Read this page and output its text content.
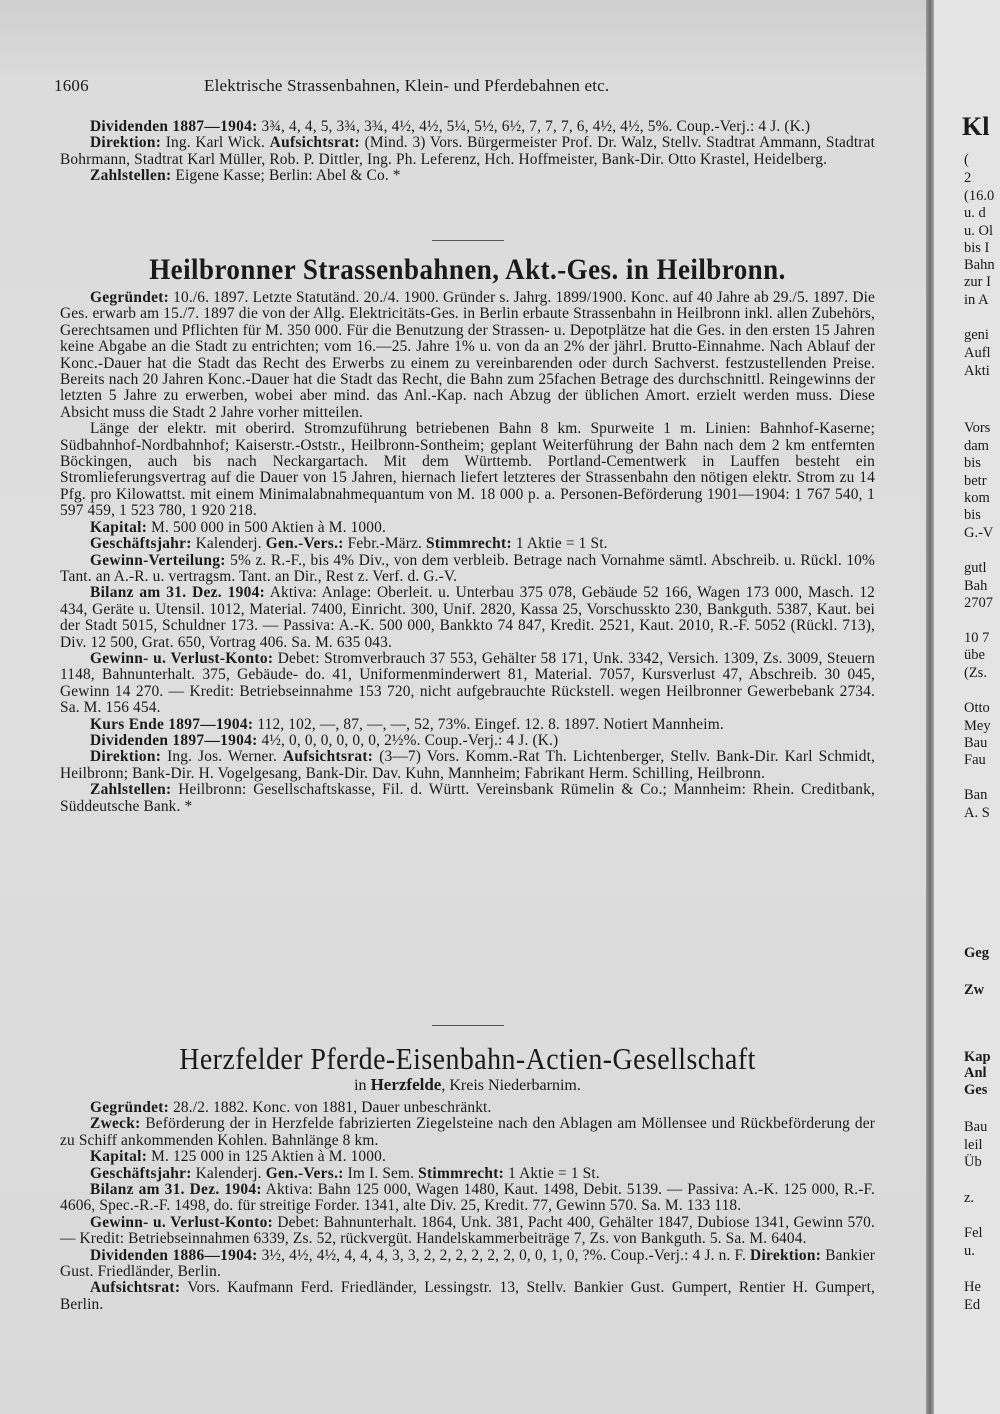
1606	Elektrische Strassenbahnen, Klein- und Pferdebahnen etc.

Dividenden 1887—1904: 3¾, 4, 4, 5, 3¾, 3¾, 4½, 4½, 5¼, 5½, 6½, 7, 7, 7, 6, 4½, 4½, 5%. Coup.-Verj.: 4 J. (K.)

Direktion: Ing. Karl Wick. Aufsichtsrat: (Mind. 3) Vors. Bürgermeister Prof. Dr. Walz, Stellv. Stadtrat Ammann, Stadtrat Bohrmann, Stadtrat Karl Müller, Rob. P. Dittler, Ing. Ph. Leferenz, Hch. Hoffmeister, Bank-Dir. Otto Krastel, Heidelberg.

Zahlstellen: Eigene Kasse; Berlin: Abel & Co. *

Heilbronner Strassenbahnen, Akt.-Ges. in Heilbronn.

Gegründet: 10./6. 1897. Letzte Statutänd. 20./4. 1900. Gründer s. Jahrg. 1899/1900. Konc. auf 40 Jahre ab 29./5. 1897. Die Ges. erwarb am 15./7. 1897 die von der Allg. Elektricitäts-Ges. in Berlin erbaute Strassenbahn in Heilbronn inkl. allen Zubehörs, Gerechtsamen und Pflichten für M. 350 000. Für die Benutzung der Strassen- u. Depotplätze hat die Ges. in den ersten 15 Jahren keine Abgabe an die Stadt zu entrichten; vom 16.—25. Jahre 1% u. von da an 2% der jährl. Brutto-Einnahme. Nach Ablauf der Konc.-Dauer hat die Stadt das Recht des Erwerbs zu einem zu vereinbarenden oder durch Sachverst. festzustellenden Preise. Bereits nach 20 Jahren Konc.-Dauer hat die Stadt das Recht, die Bahn zum 25fachen Betrage des durchschnittl. Reingewinns der letzten 5 Jahre zu erwerben, wobei aber mind. das Anl.-Kap. nach Abzug der üblichen Amort. erzielt werden muss. Diese Absicht muss die Stadt 2 Jahre vorher mitteilen.

Länge der elektr. mit oberird. Stromzuführung betriebenen Bahn 8 km. Spurweite 1 m. Linien: Bahnhof-Kaserne; Südbahnhof-Nordbahnhof; Kaiserstr.-Oststr., Heilbronn-Sontheim; geplant Weiterführung der Bahn nach dem 2 km entfernten Böckingen, auch bis nach Neckargartach. Mit dem Württemb. Portland-Cementwerk in Lauffen besteht ein Stromlieferungsvertrag auf die Dauer von 15 Jahren, hiernach liefert letzteres der Strassenbahn den nötigen elektr. Strom zu 14 Pfg. pro Kilowattst. mit einem Minimalabnahmequantum von M. 18 000 p. a. Personen-Beförderung 1901—1904: 1 767 540, 1 597 459, 1 523 780, 1 920 218.

Kapital: M. 500 000 in 500 Aktien à M. 1000.

Geschäftsjahr: Kalenderj. Gen.-Vers.: Febr.-März. Stimmrecht: 1 Aktie = 1 St.

Gewinn-Verteilung: 5% z. R.-F., bis 4% Div., von dem verbleib. Betrage nach Vornahme sämtl. Abschreib. u. Rückl. 10% Tant. an A.-R. u. vertragsm. Tant. an Dir., Rest z. Verf. d. G.-V.

Bilanz am 31. Dez. 1904: Aktiva: Anlage: Oberleit. u. Unterbau 375 078, Gebäude 52 166, Wagen 173 000, Masch. 12 434, Geräte u. Utensil. 1012, Material. 7400, Einricht. 300, Unif. 2820, Kassa 25, Vorschusskto 230, Bankguth. 5387, Kaut. bei der Stadt 5015, Schuldner 173. — Passiva: A.-K. 500 000, Bankkto 74 847, Kredit. 2521, Kaut. 2010, R.-F. 5052 (Rückl. 713), Div. 12 500, Grat. 650, Vortrag 406. Sa. M. 635 043.

Gewinn- u. Verlust-Konto: Debet: Stromverbrauch 37 553, Gehälter 58 171, Unk. 3342, Versich. 1309, Zs. 3009, Steuern 1148, Bahnunterhalt. 375, Gebäude- do. 41, Uniformenminderwert 81, Material. 7057, Kursverlust 47, Abschreib. 30 045, Gewinn 14 270. — Kredit: Betriebseinnahme 153 720, nicht aufgebrauchte Rückstell. wegen Heilbronner Gewerbebank 2734. Sa. M. 156 454.

Kurs Ende 1897—1904: 112, 102, —, 87, —, —, 52, 73%. Eingef. 12. 8. 1897. Notiert Mannheim.

Dividenden 1897—1904: 4½, 0, 0, 0, 0, 0, 0, 2½%. Coup.-Verj.: 4 J. (K.)

Direktion: Ing. Jos. Werner. Aufsichtsrat: (3—7) Vors. Komm.-Rat Th. Lichtenberger, Stellv. Bank-Dir. Karl Schmidt, Heilbronn; Bank-Dir. H. Vogelgesang, Bank-Dir. Dav. Kuhn, Mannheim; Fabrikant Herm. Schilling, Heilbronn.

Zahlstellen: Heilbronn: Gesellschaftskasse, Fil. d. Württ. Vereinsbank Rümelin & Co.; Mannheim: Rhein. Creditbank, Süddeutsche Bank. *

Herzfelder Pferde-Eisenbahn-Actien-Gesellschaft
in Herzfelde, Kreis Niederbarnim.

Gegründet: 28./2. 1882. Konc. von 1881, Dauer unbeschränkt.

Zweck: Beförderung der in Herzfelde fabrizierten Ziegelsteine nach den Ablagen am Möllensee und Rückbeförderung der zu Schiff ankommenden Kohlen. Bahnlänge 8 km.

Kapital: M. 125 000 in 125 Aktien à M. 1000.

Geschäftsjahr: Kalenderj. Gen.-Vers.: Im I. Sem. Stimmrecht: 1 Aktie = 1 St.

Bilanz am 31. Dez. 1904: Aktiva: Bahn 125 000, Wagen 1480, Kaut. 1498, Debit. 5139. — Passiva: A.-K. 125 000, R.-F. 4606, Spec.-R.-F. 1498, do. für streitige Forder. 1341, alte Div. 25, Kredit. 77, Gewinn 570. Sa. M. 133 118.

Gewinn- u. Verlust-Konto: Debet: Bahnunterhalt. 1864, Unk. 381, Pacht 400, Gehälter 1847, Dubiose 1341, Gewinn 570. — Kredit: Betriebseinnahmen 6339, Zs. 52, rückvergüt. Handelskammerbeiträge 7, Zs. von Bankguth. 5. Sa. M. 6404.

Dividenden 1886—1904: 3½, 4½, 4½, 4, 4, 4, 3, 3, 2, 2, 2, 2, 2, 2, 0, 0, 1, 0, ?%. Coup.-Verj.: 4 J. n. F. Direktion: Bankier Gust. Friedländer, Berlin.

Aufsichtsrat: Vors. Kaufmann Ferd. Friedländer, Lessingstr. 13, Stellv. Bankier Gust. Gumpert, Rentier H. Gumpert, Berlin.

Kl
(
2
(16.0
u. d
u. Ol
bis I
Bahn
zur I
in A
geni
Aufl
Akti
Vors
dam
bis
betr
kom
bis
G.-V
gutl
Bah
2707
10 7
übe
(Zs.
Otto
Mey
Bau
Fau
Ban
A. S
Geg
Zw
Kap
Anl
Ges
Bau
leil
Üb
z.
Fel
u.
He
Ed
